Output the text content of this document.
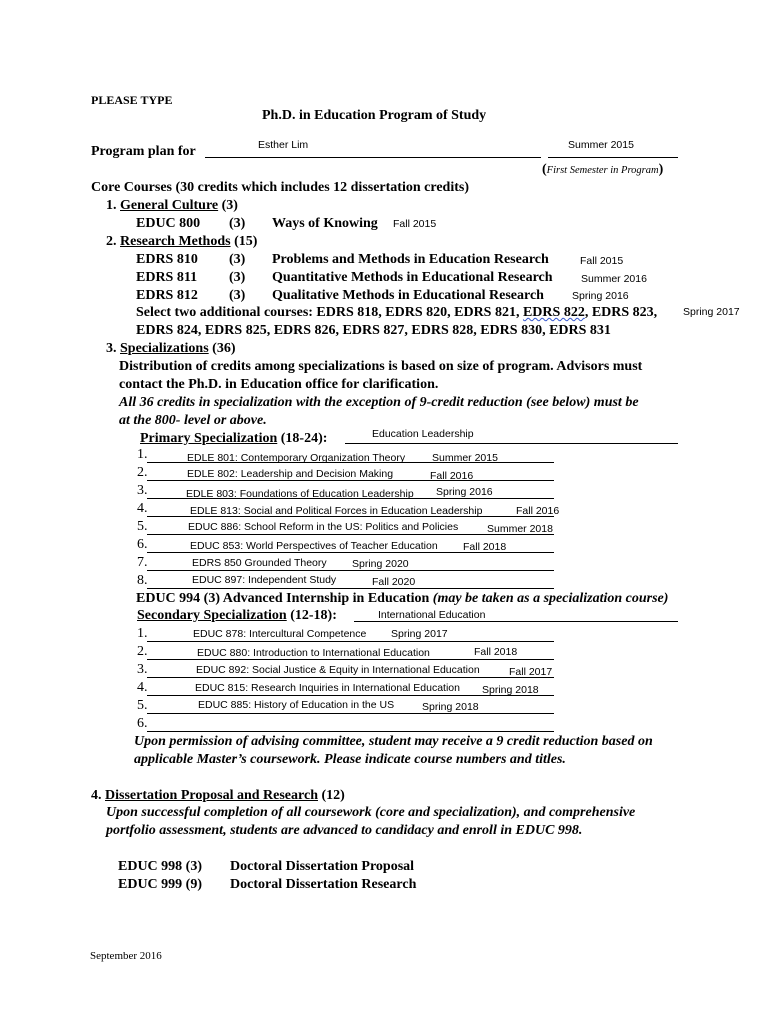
PLEASE TYPE
Ph.D. in Education Program of Study
Program plan for	Esther Lim	Summer 2015
(First Semester in Program)
Core Courses (30 credits which includes 12 dissertation credits)
1. General Culture (3)
EDUC 800 (3) Ways of Knowing Fall 2015
2. Research Methods (15)
EDRS 810 (3) Problems and Methods in Education Research	Fall 2015
EDRS 811 (3) Quantitative Methods in Educational Research	Summer 2016
EDRS 812 (3) Qualitative Methods in Educational Research	Spring 2016
Select two additional courses: EDRS 818, EDRS 820, EDRS 821, EDRS 822, EDRS 823, Spring 2017
EDRS 824, EDRS 825, EDRS 826, EDRS 827, EDRS 828, EDRS 830, EDRS 831
3. Specializations (36)
Distribution of credits among specializations is based on size of program. Advisors must
contact the Ph.D. in Education office for clarification.
All 36 credits in specialization with the exception of 9-credit reduction (see below) must be
at the 800- level or above.
Primary Specialization (18-24):	Education Leadership
1.	EDLE 801: Contemporary Organization Theory	Summer 2015
2.	EDLE 802: Leadership and Decision Making	Fall 2016
3.	EDLE 803: Foundations of Education Leadership Spring 2016
4.	EDLE 813: Social and Political Forces in Education Leadership	Fall 2016
5.	EDUC 886: School Reform in the US: Politics and Policies	Summer 2018
6.	EDUC 853: World Perspectives of Teacher Education Fall 2018
7.	EDRS 850 Grounded Theory Spring 2020
8.	EDUC 897: Independent Study	Fall 2020
EDUC 994 (3) Advanced Internship in Education (may be taken as a specialization course)
Secondary Specialization (12-18):	International Education
1.	EDUC 878: Intercultural Competence Spring 2017
2.	EDUC 880: Introduction to International Education	Fall 2018
3.	EDUC 892: Social Justice & Equity in International Education	Fall 2017
4.	EDUC 815: Research Inquiries in International Education Spring 2018
5.	EDUC 885: History of Education in the US	Spring 2018
6.
Upon permission of advising committee, student may receive a 9 credit reduction based on
applicable Master’s coursework. Please indicate course numbers and titles.
4. Dissertation Proposal and Research (12)
Upon successful completion of all coursework (core and specialization), and comprehensive
portfolio assessment, students are advanced to candidacy and enroll in EDUC 998.
EDUC 998 (3) Doctoral Dissertation Proposal
EDUC 999 (9) Doctoral Dissertation Research
September 2016
